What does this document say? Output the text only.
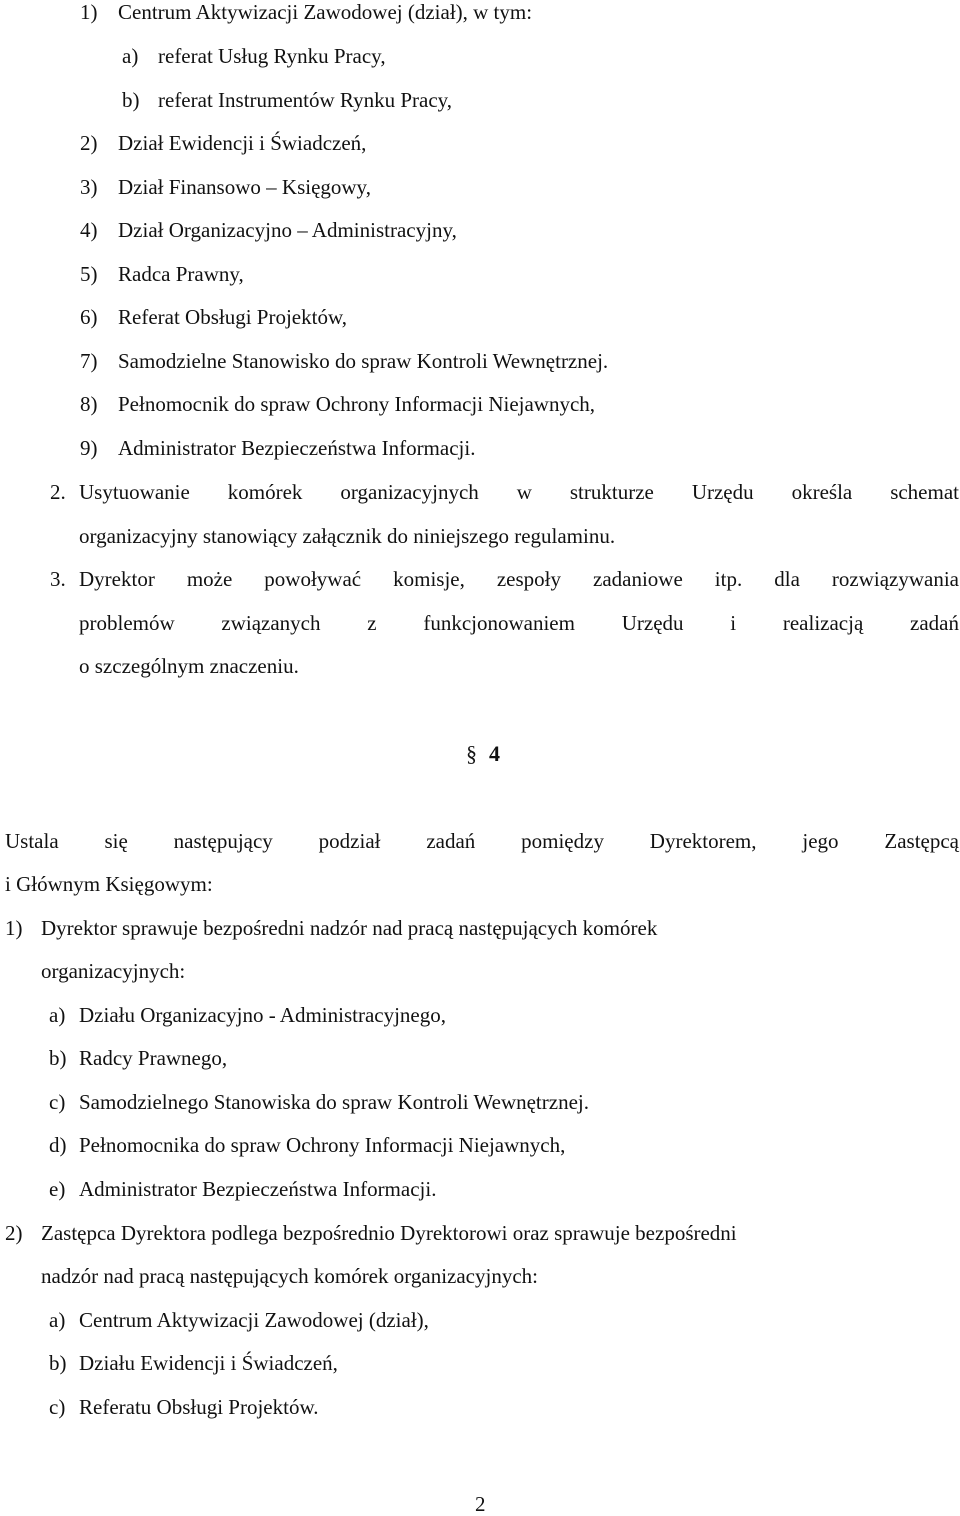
1) Centrum Aktywizacji Zawodowej (dział), w tym:
a) referat Usług Rynku Pracy,
b) referat Instrumentów Rynku Pracy,
2) Dział Ewidencji i Świadczeń,
3) Dział Finansowo – Księgowy,
4) Dział Organizacyjno – Administracyjny,
5) Radca Prawny,
6) Referat Obsługi Projektów,
7) Samodzielne Stanowisko do spraw Kontroli Wewnętrznej.
8) Pełnomocnik do spraw Ochrony Informacji Niejawnych,
9) Administrator Bezpieczeństwa Informacji.
2. Usytuowanie komórek organizacyjnych w strukturze Urzędu określa schemat
organizacyjny stanowiący załącznik do niniejszego regulaminu.
3. Dyrektor może powoływać komisje, zespoły zadaniowe itp. dla rozwiązywania
problemów związanych z funkcjonowaniem Urzędu i realizacją zadań
o szczególnym znaczeniu.
§ 4
Ustala się następujący podział zadań pomiędzy Dyrektorem, jego Zastępcą
i Głównym Księgowym:
1) Dyrektor sprawuje bezpośredni nadzór nad pracą następujących komórek
organizacyjnych:
a) Działu Organizacyjno - Administracyjnego,
b) Radcy Prawnego,
c) Samodzielnego Stanowiska do spraw Kontroli Wewnętrznej.
d) Pełnomocnika do spraw Ochrony Informacji Niejawnych,
e) Administrator Bezpieczeństwa Informacji.
2) Zastępca Dyrektora podlega bezpośrednio Dyrektorowi oraz sprawuje bezpośredni
nadzór nad pracą następujących komórek organizacyjnych:
a) Centrum Aktywizacji Zawodowej (dział),
b) Działu Ewidencji i Świadczeń,
c) Referatu Obsługi Projektów.
2
